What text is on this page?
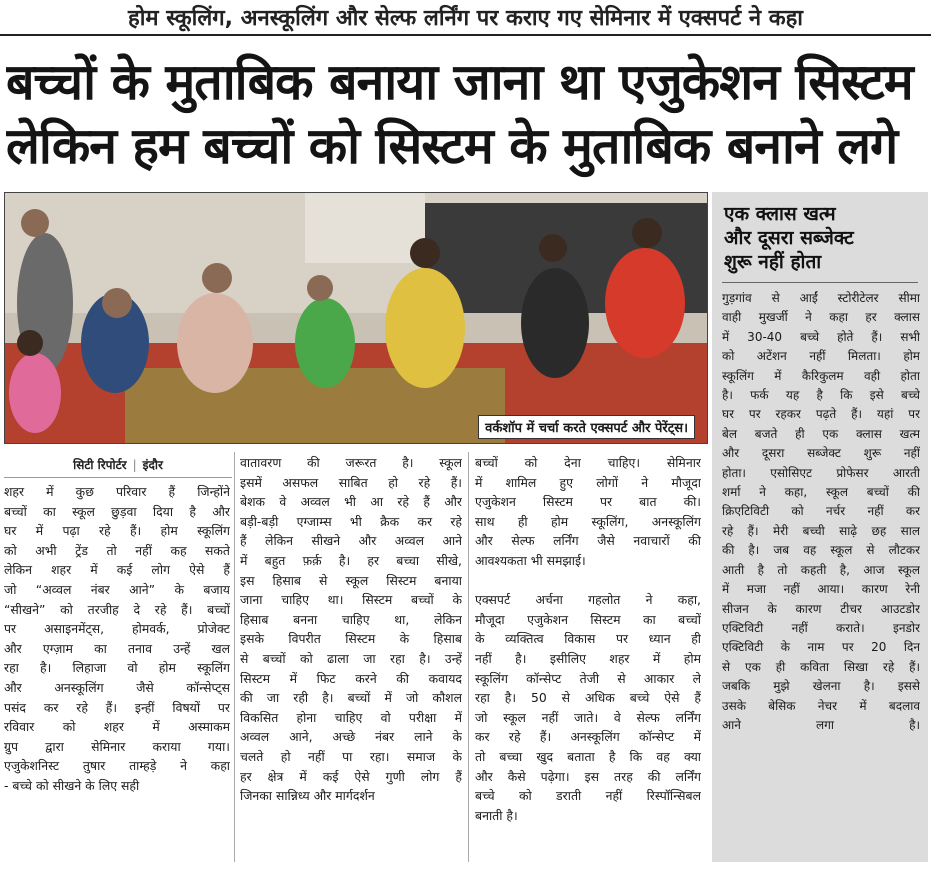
होम स्कूलिंग, अनस्कूलिंग और सेल्फ लर्निंग पर कराए गए सेमिनार में एक्सपर्ट ने कहा
बच्चों के मुताबिक बनाया जाना था एजुकेशन सिस्टम
लेकिन हम बच्चों को सिस्टम के मुताबिक बनाने लगे
वर्कशॉप में चर्चा करते एक्सपर्ट और पेरेंट्स।
एक क्लास खत्म
और दूसरा सब्जेक्ट
शुरू नहीं होता
गुड़गांव से आईं स्टोरीटेलर सीमा
वाही मुखर्जी ने कहा हर क्लास
में 30-40 बच्चे होते हैं। सभी
को अटेंशन नहीं मिलता। होम
स्कूलिंग में कैरिकुलम वही होता
है। फर्क यह है कि इसे बच्चे
घर पर रहकर पढ़ते हैं। यहां पर
बेल बजते ही एक क्लास खत्म
और दूसरा सब्जेक्ट शुरू नहीं
होता। एसोसिएट प्रोफेसर आरती
शर्मा ने कहा, स्कूल बच्चों की
क्रिएटिविटी को नर्चर नहीं कर
रहे हैं। मेरी बच्ची साढ़े छह साल
की है। जब वह स्कूल से लौटकर
आती है तो कहती है, आज स्कूल
में मजा नहीं आया। कारण रेनी
सीजन के कारण टीचर आउटडोर
एक्टिविटी नहीं कराते। इनडोर
एक्टिविटी के नाम पर 20 दिन
से एक ही कविता सिखा रहे हैं।
जबकि मुझे खेलना है। इससे
उसके बेसिक नेचर में बदलाव
आने लगा है।
सिटी रिपोर्टर | इंदौर
शहर में कुछ परिवार हैं जिन्होंने
बच्चों का स्कूल छुड़वा दिया है और
घर में पढ़ा रहे हैं। होम स्कूलिंग
को अभी ट्रेंड तो नहीं कह सकते
लेकिन शहर में कई लोग ऐसे हैं
जो “अव्वल नंबर आने” के बजाय
“सीखने” को तरजीह दे रहे हैं। बच्चों
पर असाइनमेंट्स, होमवर्क, प्रोजेक्ट
और एग्ज़ाम का तनाव उन्हें खल
रहा है। लिहाजा वो होम स्कूलिंग
और अनस्कूलिंग जैसे कॉन्सेप्ट्स
पसंद कर रहे हैं। इन्हीं विषयों पर
रविवार को शहर में अस्माकम
ग्रुप द्वारा सेमिनार कराया गया।
एजुकेशनिस्ट तुषार ताम्हड़े ने कहा
- बच्चे को सीखने के लिए सही
वातावरण की जरूरत है। स्कूल
इसमें असफल साबित हो रहे हैं।
बेशक वे अव्वल भी आ रहे हैं और
बड़ी-बड़ी एग्जाम्स भी क्रैक कर रहे
हैं लेकिन सीखने और अव्वल आने
में बहुत फ़र्क़ है। हर बच्चा सीखे,
इस हिसाब से स्कूल सिस्टम बनाया
जाना चाहिए था। सिस्टम बच्चों के
हिसाब बनना चाहिए था, लेकिन
इसके विपरीत सिस्टम के हिसाब
से बच्चों को ढाला जा रहा है। उन्हें
सिस्टम में फिट करने की कवायद
की जा रही है। बच्चों में जो कौशल
विकसित होना चाहिए वो परीक्षा में
अव्वल आने, अच्छे नंबर लाने के
चलते हो नहीं पा रहा। समाज के
हर क्षेत्र में कई ऐसे गुणी लोग हैं
जिनका सान्निध्य और मार्गदर्शन
बच्चों को देना चाहिए। सेमिनार
में शामिल हुए लोगों ने मौजूदा
एजुकेशन सिस्टम पर बात की।
साथ ही होम स्कूलिंग, अनस्कूलिंग
और सेल्फ लर्निंग जैसे नवाचारों की
आवश्यकता भी समझाई।

एक्सपर्ट अर्चना गहलोत ने कहा,
मौजूदा एजुकेशन सिस्टम का बच्चों
के व्यक्तित्व विकास पर ध्यान ही
नहीं है। इसीलिए शहर में होम
स्कूलिंग कॉन्सेप्ट तेजी से आकार ले
रहा है। 50 से अधिक बच्चे ऐसे हैं
जो स्कूल नहीं जाते। वे सेल्फ लर्निंग
कर रहे हैं। अनस्कूलिंग कॉन्सेप्ट में
तो बच्चा खुद बताता है कि वह क्या
और कैसे पढ़ेगा। इस तरह की लर्निंग
बच्चे को डराती नहीं रिस्पॉन्सिबल
बनाती है।
